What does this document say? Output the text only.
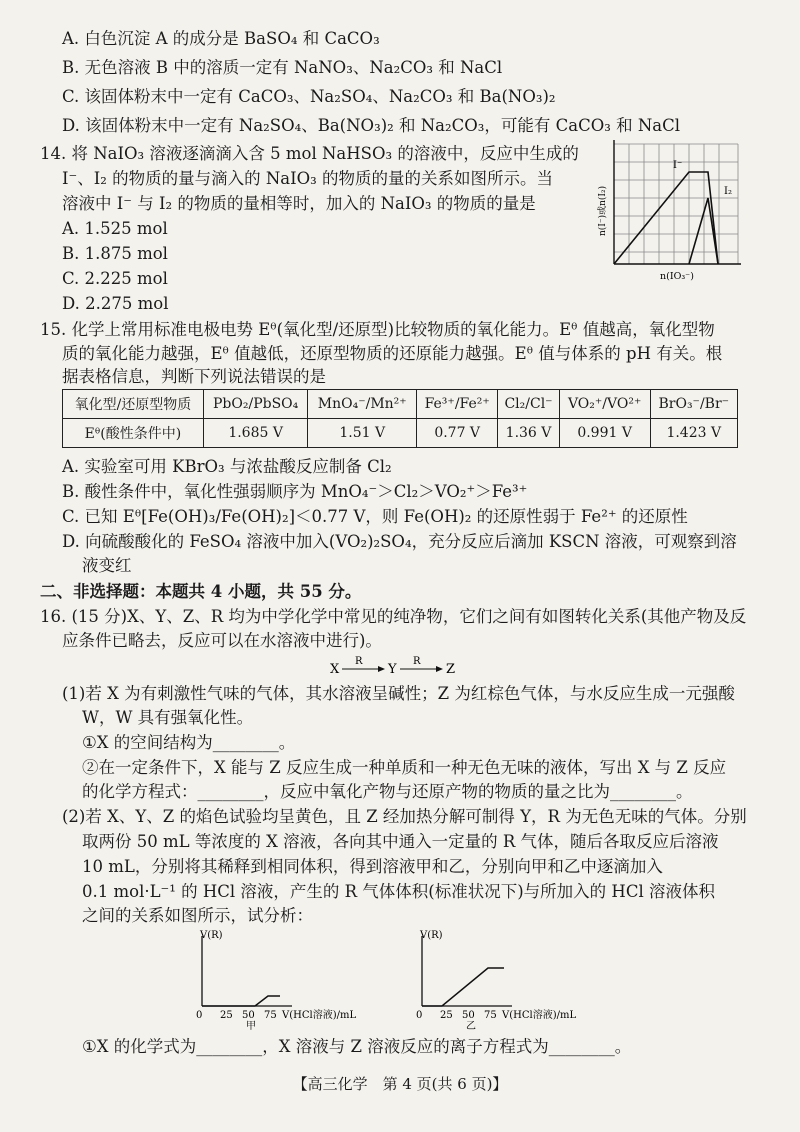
A. 白色沉淀 A 的成分是 BaSO₄ 和 CaCO₃
B. 无色溶液 B 中的溶质一定有 NaNO₃、Na₂CO₃ 和 NaCl
C. 该固体粉末中一定有 CaCO₃、Na₂SO₄、Na₂CO₃ 和 Ba(NO₃)₂
D. 该固体粉末中一定有 Na₂SO₄、Ba(NO₃)₂ 和 Na₂CO₃，可能有 CaCO₃ 和 NaCl
14. 将 NaIO₃ 溶液逐滴滴入含 5 mol NaHSO₃ 的溶液中，反应中生成的
I⁻、I₂ 的物质的量与滴入的 NaIO₃ 的物质的量的关系如图所示。当
溶液中 I⁻ 与 I₂ 的物质的量相等时，加入的 NaIO₃ 的物质的量是
A. 1.525 mol
B. 1.875 mol
C. 2.225 mol
D. 2.275 mol
I⁻
I₂
n(I⁻)或n(I₂)
n(IO₃⁻)
15. 化学上常用标准电极电势 Eᶿ(氧化型/还原型)比较物质的氧化能力。Eᶿ 值越高，氧化型物
质的氧化能力越强，Eᶿ 值越低，还原型物质的还原能力越强。Eᶿ 值与体系的 pH 有关。根
据表格信息，判断下列说法错误的是
氧化型/还原型物质	PbO₂/PbSO₄	MnO₄⁻/Mn²⁺	Fe³⁺/Fe²⁺	Cl₂/Cl⁻	VO₂⁺/VO²⁺	BrO₃⁻/Br⁻
Eᶿ(酸性条件中)	1.685 V	1.51 V	0.77 V	1.36 V	0.991 V	1.423 V
A. 实验室可用 KBrO₃ 与浓盐酸反应制备 Cl₂
B. 酸性条件中，氧化性强弱顺序为 MnO₄⁻＞Cl₂＞VO₂⁺＞Fe³⁺
C. 已知 Eᶿ[Fe(OH)₃/Fe(OH)₂]＜0.77 V，则 Fe(OH)₂ 的还原性弱于 Fe²⁺ 的还原性
D. 向硫酸酸化的 FeSO₄ 溶液中加入(VO₂)₂SO₄，充分反应后滴加 KSCN 溶液，可观察到溶
液变红
二、非选择题：本题共 4 小题，共 55 分。
16. (15 分)X、Y、Z、R 均为中学化学中常见的纯净物，它们之间有如图转化关系(其他产物及反
应条件已略去，反应可以在水溶液中进行)。
X
R
Y
R
Z
(1)若 X 为有刺激性气味的气体，其水溶液呈碱性；Z 为红棕色气体，与水反应生成一元强酸
W，W 具有强氧化性。
①X 的空间结构为________。
②在一定条件下，X 能与 Z 反应生成一种单质和一种无色无味的液体，写出 X 与 Z 反应
的化学方程式：________，反应中氧化产物与还原产物的物质的量之比为________。
(2)若 X、Y、Z 的焰色试验均呈黄色，且 Z 经加热分解可制得 Y，R 为无色无味的气体。分别
取两份 50 mL 等浓度的 X 溶液，各向其中通入一定量的 R 气体，随后各取反应后溶液
10 mL，分别将其稀释到相同体积，得到溶液甲和乙，分别向甲和乙中逐滴加入
0.1 mol·L⁻¹ 的 HCl 溶液，产生的 R 气体体积(标准状况下)与所加入的 HCl 溶液体积
之间的关系如图所示，试分析：
V(R)
0 25 50 75 V(HCl溶液)/mL
甲
V(R)
0 25 50 75 V(HCl溶液)/mL
乙
①X 的化学式为________，X 溶液与 Z 溶液反应的离子方程式为________。
【高三化学　第 4 页(共 6 页)】
